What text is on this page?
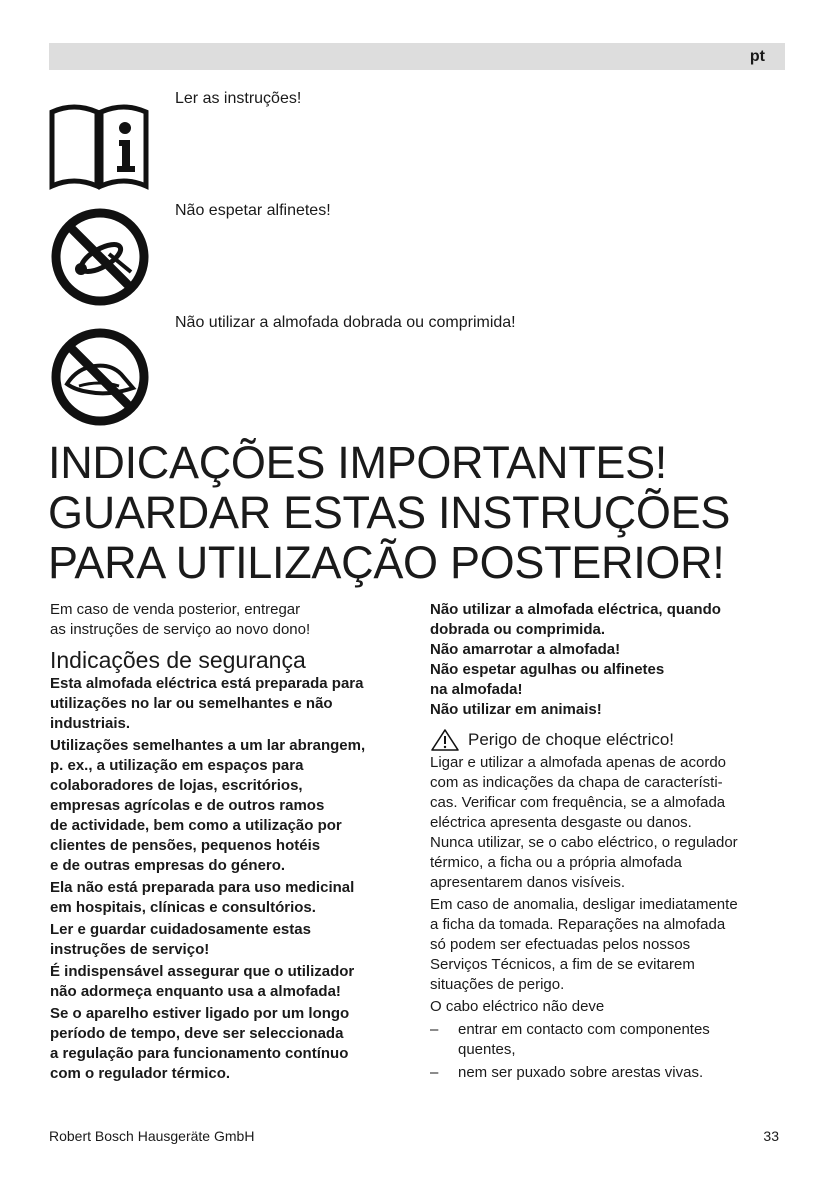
pt
Ler as instruções!
Não espetar alfinetes!
Não utilizar a almofada dobrada ou comprimida!
INDICAÇÕES IMPORTANTES!
GUARDAR ESTAS INSTRUÇÕES
PARA UTILIZAÇÃO POSTERIOR!

Em caso de venda posterior, entregar
as instruções de serviço ao novo dono!

Indicações de segurança

Esta almofada eléctrica está preparada para
utilizações no lar ou semelhantes e não
industriais.

Utilizações semelhantes a um lar abrangem,
p. ex., a utilização em espaços para
colaboradores de lojas, escritórios,
empresas agrícolas e de outros ramos
de actividade, bem como a utilização por
clientes de pensões, pequenos hotéis
e de outras empresas do género.

Ela não está preparada para uso medicinal
em hospitais, clínicas e consultórios.

Ler e guardar cuidadosamente estas
instruções de serviço!

É indispensável assegurar que o utilizador
não adormeça enquanto usa a almofada!

Se o aparelho estiver ligado por um longo
período de tempo, deve ser seleccionada
a regulação para funcionamento contínuo
com o regulador térmico.

Não utilizar a almofada eléctrica, quando
dobrada ou comprimida.
Não amarrotar a almofada!
Não espetar agulhas ou alfinetes
na almofada!
Não utilizar em animais!

Perigo de choque eléctrico!

Ligar e utilizar a almofada apenas de acordo
com as indicações da chapa de característi-
cas. Verificar com frequência, se a almofada
eléctrica apresenta desgaste ou danos.
Nunca utilizar, se o cabo eléctrico, o regulador
térmico, a ficha ou a própria almofada
apresentarem danos visíveis.

Em caso de anomalia, desligar imediatamente
a ficha da tomada. Reparações na almofada
só podem ser efectuadas pelos nossos
Serviços Técnicos, a fim de se evitarem
situações de perigo.

O cabo eléctrico não deve

–	entrar em contacto com componentes
quentes,
–	nem ser puxado sobre arestas vivas.
Robert Bosch Hausgeräte GmbH	33
